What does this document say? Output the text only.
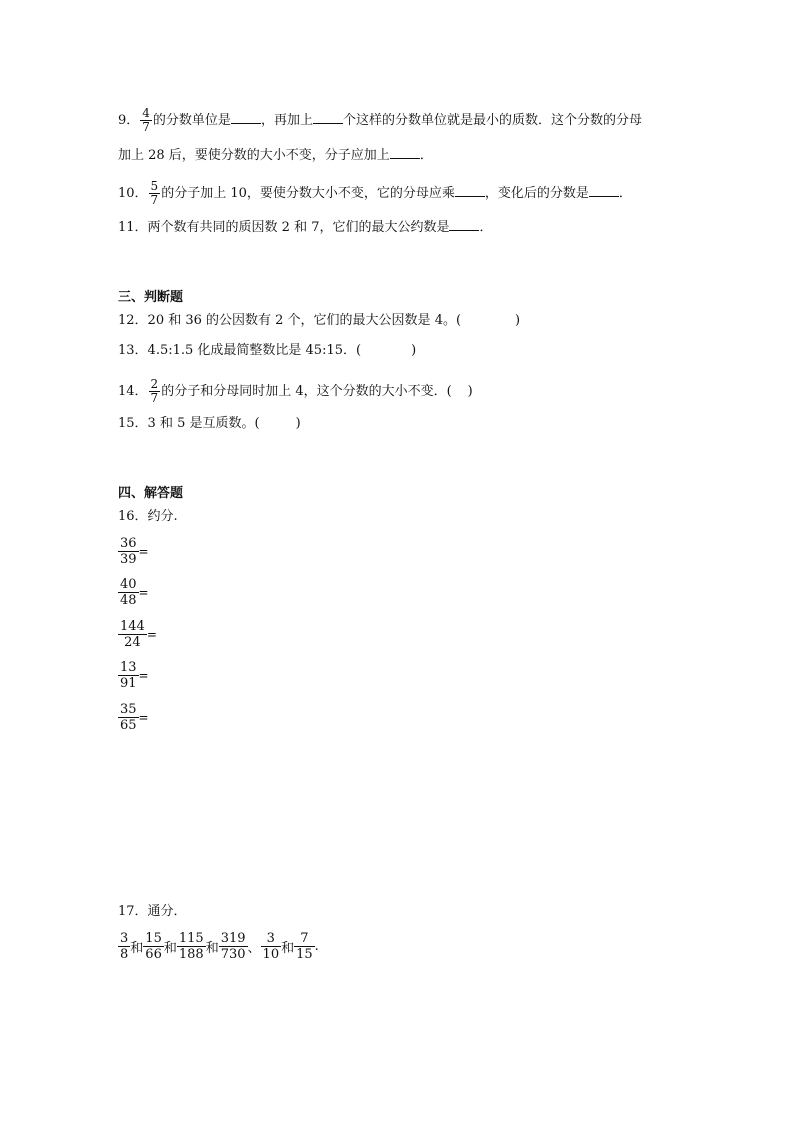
9． $\frac{4}{7}$ 的分数单位是 ，再加上 个这样的分数单位就是最小的质数．这个分数的分母
加上 28 后，要使分数的大小不变，分子应加上 ．
10． $\frac{5}{7}$ 的分子加上 10，要使分数大小不变，它的分母应乘 ，变化后的分数是 ．
11．两个数有共同的质因数 2 和 7，它们的最大公约数是 ．
三、判断题
12．20 和 36 的公因数有 2 个，它们的最大公因数是 4。(	)
13．4.5:1.5 化成最简整数比是 45:15．(	)
14． $\frac{2}{7}$ 的分子和分母同时加上 4，这个分数的大小不变．( )
15．3 和 5 是互质数。(	)
四、解答题
16．约分.
$\frac{36}{39}$ =
$\frac{40}{48}$ =
$\frac{144}{24}$ =
$\frac{13}{91}$ =
$\frac{35}{65}$ =
17．通分．
$\frac{3}{8}$ 和 $\frac{15}{66}$ 和 $\frac{115}{188}$ 和 $\frac{319}{730}$ 、 $\frac{3}{10}$ 和 $\frac{7}{15}$ .
